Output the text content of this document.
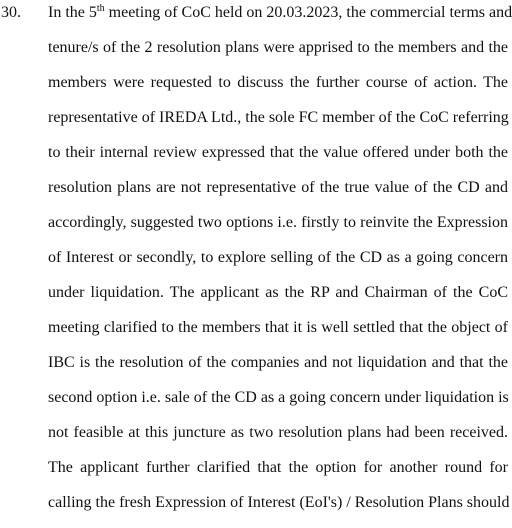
30. In the 5th meeting of CoC held on 20.03.2023, the commercial terms and
tenure/s of the 2 resolution plans were apprised to the members and the
members were requested to discuss the further course of action. The
representative of IREDA Ltd., the sole FC member of the CoC referring
to their internal review expressed that the value offered under both the
resolution plans are not representative of the true value of the CD and
accordingly, suggested two options i.e. firstly to reinvite the Expression
of Interest or secondly, to explore selling of the CD as a going concern
under liquidation. The applicant as the RP and Chairman of the CoC
meeting clarified to the members that it is well settled that the object of
IBC is the resolution of the companies and not liquidation and that the
second option i.e. sale of the CD as a going concern under liquidation is
not feasible at this juncture as two resolution plans had been received.
The applicant further clarified that the option for another round for
calling the fresh Expression of Interest (EoI's) / Resolution Plans should
